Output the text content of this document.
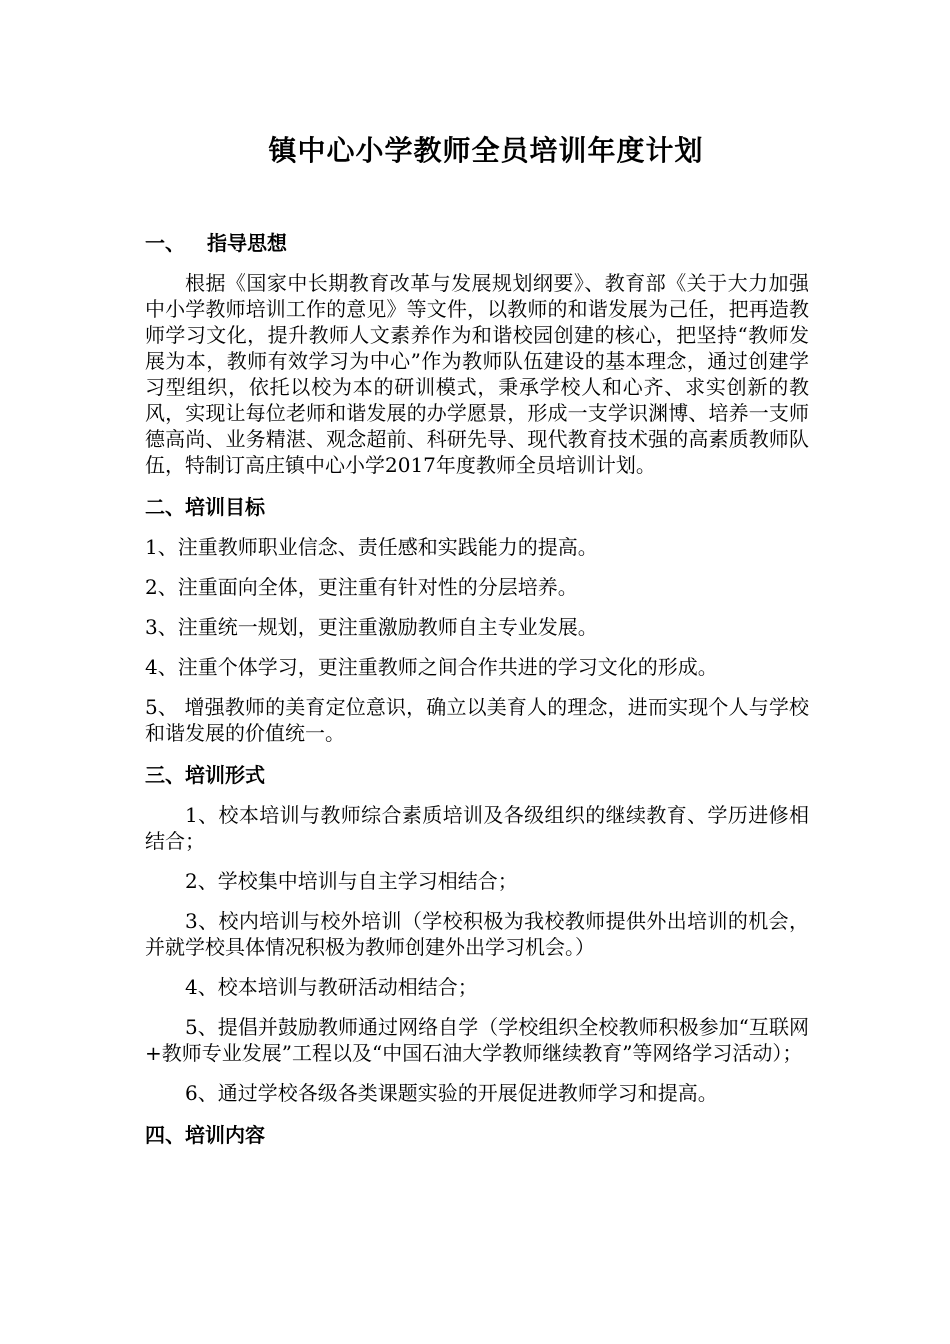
镇中心小学教师全员培训年度计划
一、 指导思想

根据《国家中长期教育改革与发展规划纲要》、教育部《关于大力加强中小学教师培训工作的意见》等文件，以教师的和谐发展为己任，把再造教师学习文化，提升教师人文素养作为和谐校园创建的核心，把坚持“教师发展为本，教师有效学习为中心”作为教师队伍建设的基本理念，通过创建学习型组织，依托以校为本的研训模式，秉承学校人和心齐、求实创新的教风，实现让每位老师和谐发展的办学愿景，形成一支学识渊博、培养一支师德高尚、业务精湛、观念超前、科研先导、现代教育技术强的高素质教师队伍，特制订高庄镇中心小学2017年度教师全员培训计划。

二、培训目标

1、注重教师职业信念、责任感和实践能力的提高。

2、注重面向全体，更注重有针对性的分层培养。

3、注重统一规划，更注重激励教师自主专业发展。

4、注重个体学习，更注重教师之间合作共进的学习文化的形成。

5、 增强教师的美育定位意识，确立以美育人的理念，进而实现个人与学校和谐发展的价值统一。

三、培训形式

1、校本培训与教师综合素质培训及各级组织的继续教育、学历进修相结合；

2、学校集中培训与自主学习相结合；

3、校内培训与校外培训（学校积极为我校教师提供外出培训的机会，并就学校具体情况积极为教师创建外出学习机会。）

4、校本培训与教研活动相结合；

5、提倡并鼓励教师通过网络自学（学校组织全校教师积极参加“互联网+教师专业发展”工程以及“中国石油大学教师继续教育”等网络学习活动）；

6、通过学校各级各类课题实验的开展促进教师学习和提高。

四、培训内容
